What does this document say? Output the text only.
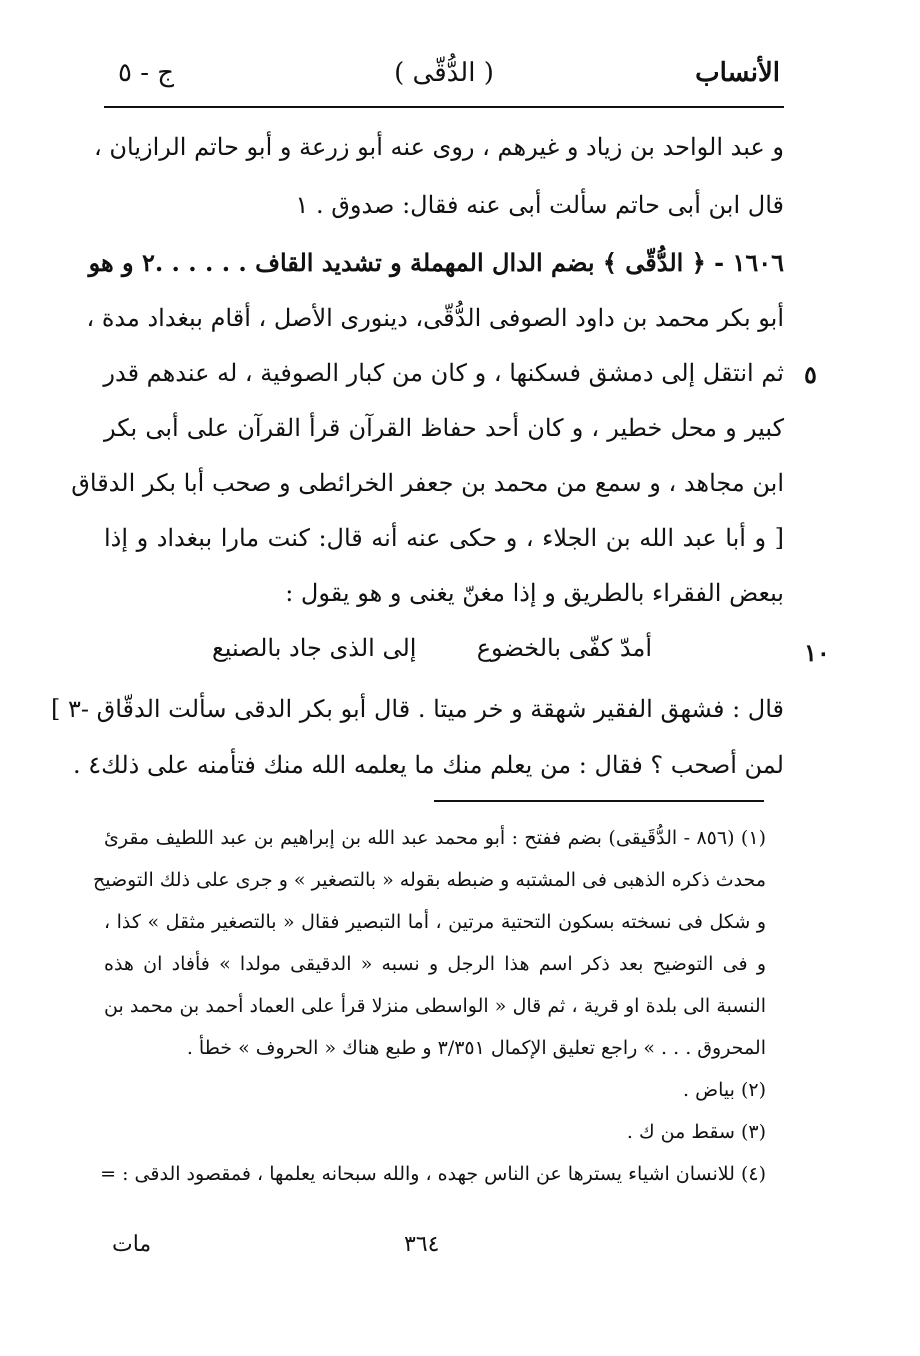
الأنساب
( الدُّقّى )
ج - ٥
و عبد الواحد بن زياد و غيرهم ، روى عنه أبو زرعة و أبو حاتم الرازيان ،
قال ابن أبى حاتم سألت أبى عنه فقال: صدوق . ١
١٦٠٦ - ﴿ الدُّقّى ﴾ بضم الدال المهملة و تشديد القاف . . . . . .٢ و هو
أبو بكر محمد بن داود الصوفى الدُّقّى، دينورى الأصل ، أقام ببغداد مدة ،
ثم انتقل إلى دمشق فسكنها ، و كان من كبار الصوفية ، له عندهم قدر ٥
كبير و محل خطير ، و كان أحد حفاظ القرآن قرأ القرآن على أبى بكر
ابن مجاهد ، و سمع من محمد بن جعفر الخرائطى و صحب أبا بكر الدقاق
[ و أبا عبد الله بن الجلاء ، و حكى عنه أنه قال: كنت مارا ببغداد و إذا
ببعض الفقراء بالطريق و إذا مغنّ يغنى و هو يقول :
أمدّ كفّى بالخضوع
إلى الذى جاد بالصنيع	١٠
قال : فشهق الفقير شهقة و خر ميتا . قال أبو بكر الدقى سألت الدقّاق -٣ ]
لمن أصحب ؟ فقال : من يعلم منك ما يعلمه الله منك فتأمنه على ذلك٤ .
(١) (٨٥٦ - الدُّقَيقى) بضم ففتح : أبو محمد عبد الله بن إبراهيم بن عبد اللطيف مقرئ
محدث ذكره الذهبى فى المشتبه و ضبطه بقوله « بالتصغير » و جرى على ذلك التوضيح
و شكل فى نسخته بسكون التحتية مرتين ، أما التبصير فقال « بالتصغير مثقل » كذا ،
و فى التوضيح بعد ذكر اسم هذا الرجل و نسبه « الدقيقى مولدا » فأفاد ان هذه
النسبة الى بلدة او قرية ، ثم قال « الواسطى منزلا قرأ على العماد أحمد بن محمد بن
المحروق . . . » راجع تعليق الإكمال ٣/٣٥١ و طبع هناك « الحروف » خطأ .
(٢) بياض .
(٣) سقط من ك .
(٤) للانسان اشياء يسترها عن الناس جهده ، والله سبحانه يعلمها ، فمقصود الدقى : =
٣٦٤
مات
